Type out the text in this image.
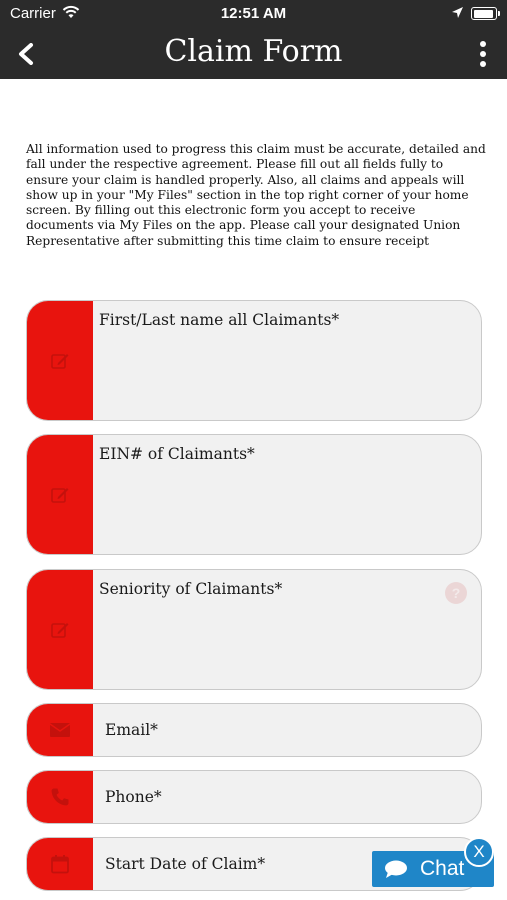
Carrier	12:51 AM
Claim Form

All information used to progress this claim must be accurate, detailed and fall under the respective agreement. Please fill out all fields fully to ensure your claim is handled properly. Also, all claims and appeals will show up in your "My Files" section in the top right corner of your home screen. By filling out this electronic form you accept to receive documents via My Files on the app. Please call your designated Union Representative after submitting this time claim to ensure receipt

First/Last name all Claimants*
EIN# of Claimants*
Seniority of Claimants*	?
Email*
Phone*
Start Date of Claim*	Chat
X
